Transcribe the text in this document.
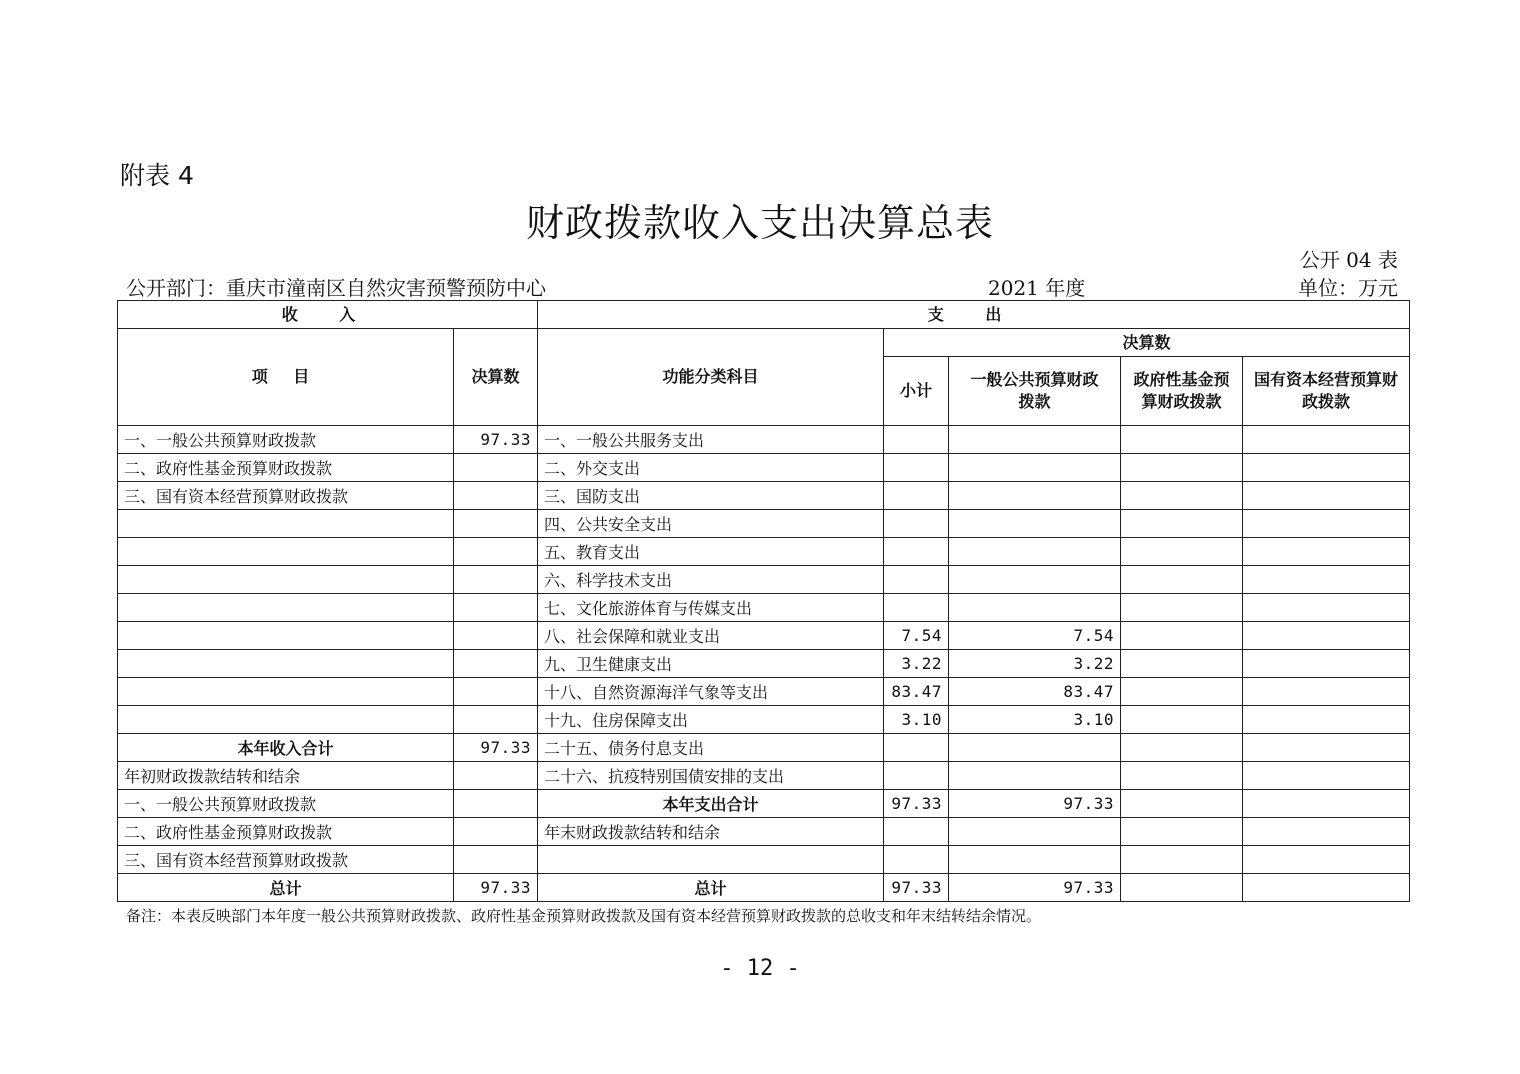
附表 4
财政拨款收入支出决算总表
公开 04 表
公开部门：重庆市潼南区自然灾害预警预防中心	2021 年度	单位：万元
收 入		支 出				
项 目	决算数	功能分类科目	决算数			
			小计	一般公共预算财政拨款	政府性基金预算财政拨款	国有资本经营预算财政拨款
一、一般公共预算财政拨款	97.33	一、一般公共服务支出				
二、政府性基金预算财政拨款		二、外交支出				
三、国有资本经营预算财政拨款		三、国防支出				
		四、公共安全支出				
		五、教育支出				
		六、科学技术支出				
		七、文化旅游体育与传媒支出				
		八、社会保障和就业支出	7.54	7.54		
		九、卫生健康支出	3.22	3.22		
		十八、自然资源海洋气象等支出	83.47	83.47		
		十九、住房保障支出	3.10	3.10		
本年收入合计	97.33	二十五、债务付息支出				
年初财政拨款结转和结余		二十六、抗疫特别国债安排的支出				
一、一般公共预算财政拨款		本年支出合计	97.33	97.33		
二、政府性基金预算财政拨款		年末财政拨款结转和结余				
三、国有资本经营预算财政拨款						
总计	97.33	总计	97.33	97.33		
备注：本表反映部门本年度一般公共预算财政拨款、政府性基金预算财政拨款及国有资本经营预算财政拨款的总收支和年末结转结余情况。
- 12 -
